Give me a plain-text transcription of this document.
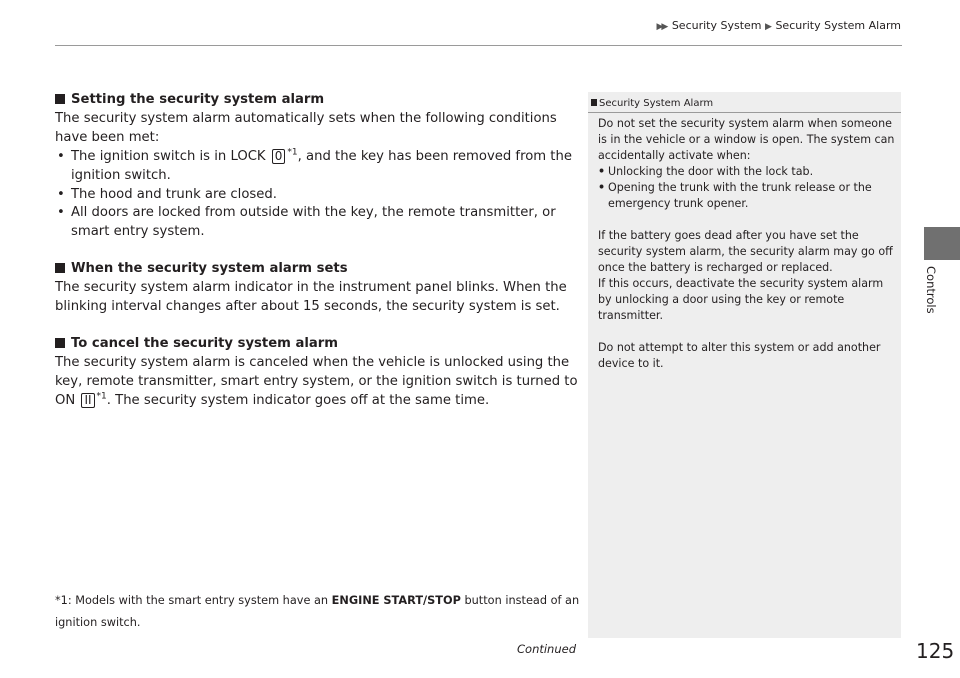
▶▶ Security System ▶ Security System Alarm
Controls

Setting the security system alarm

The security system alarm automatically sets when the following conditions have been met:

• The ignition switch is in LOCK 0 $^{*1}$, and the key has been removed from the ignition switch.

• The hood and trunk are closed.

• All doors are locked from outside with the key, the remote transmitter, or smart entry system.

When the security system alarm sets

The security system alarm indicator in the instrument panel blinks. When the blinking interval changes after about 15 seconds, the security system is set.

To cancel the security system alarm

The security system alarm is canceled when the vehicle is unlocked using the key, remote transmitter, smart entry system, or the ignition switch is turned to ON II $^{*1}$. The security system indicator goes off at the same time.

*1: Models with the smart entry system have an ENGINE START/STOP button instead of an ignition switch.
Security System Alarm

Do not set the security system alarm when someone is in the vehicle or a window is open. The system can accidentally activate when:

• Unlocking the door with the lock tab.

• Opening the trunk with the trunk release or the emergency trunk opener.

If the battery goes dead after you have set the security system alarm, the security alarm may go off once the battery is recharged or replaced.

If this occurs, deactivate the security system alarm by unlocking a door using the key or remote transmitter.

Do not attempt to alter this system or add another device to it.

Continued	125
